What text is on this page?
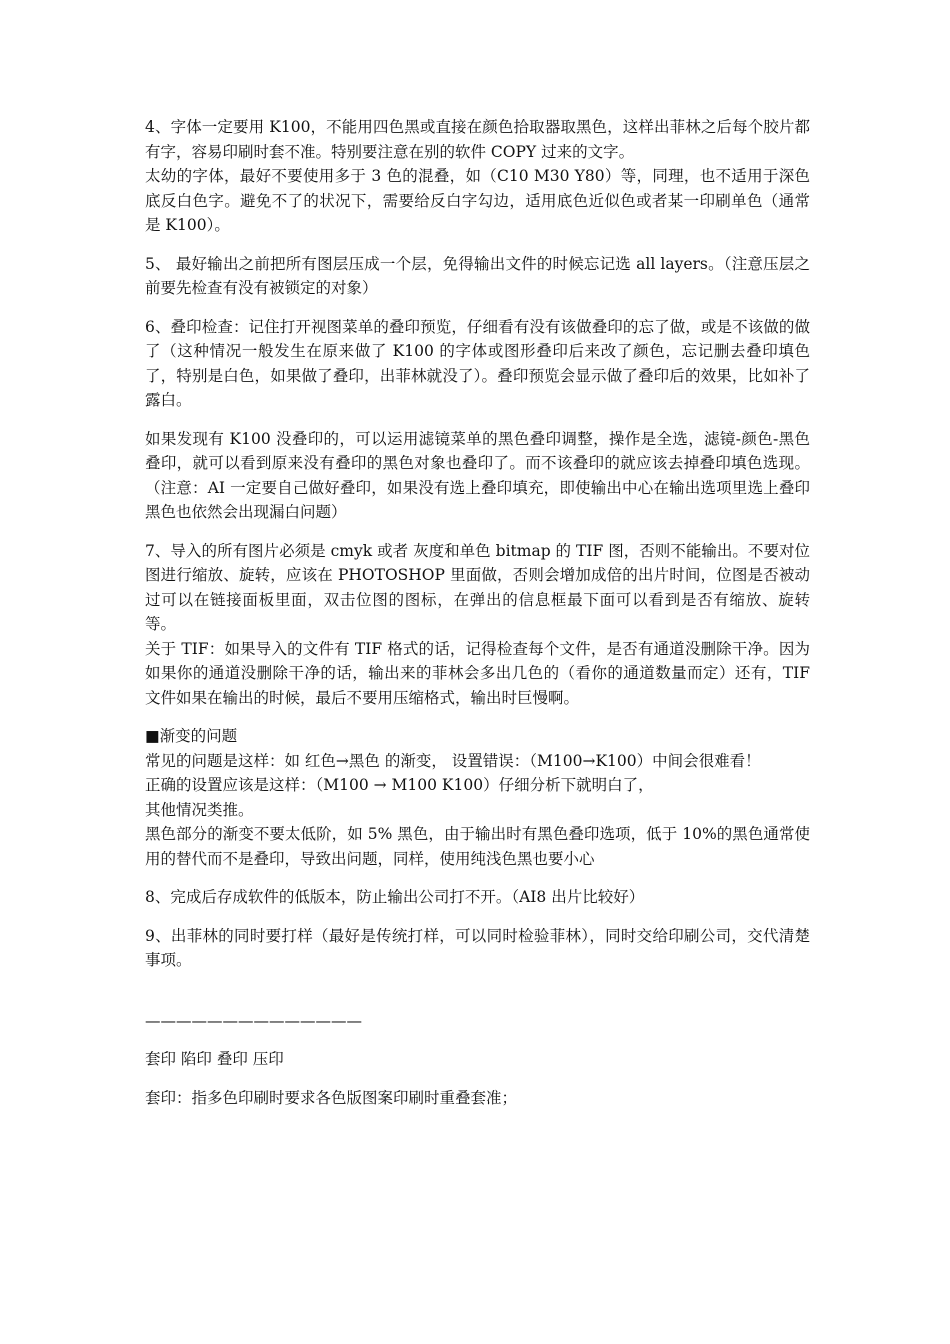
4、字体一定要用 K100，不能用四色黑或直接在颜色拾取器取黑色，这样出菲林之后每个胶片都有字，容易印刷时套不准。特别要注意在别的软件 COPY 过来的文字。

太幼的字体，最好不要使用多于 3 色的混叠，如（C10 M30 Y80）等，同理，也不适用于深色底反白色字。避免不了的状况下，需要给反白字勾边，适用底色近似色或者某一印刷单色（通常是 K100）。

5、 最好输出之前把所有图层压成一个层，免得输出文件的时候忘记选 all layers。（注意压层之前要先检查有没有被锁定的对象）

6、叠印检查：记住打开视图菜单的叠印预览，仔细看有没有该做叠印的忘了做，或是不该做的做了（这种情况一般发生在原来做了 K100 的字体或图形叠印后来改了颜色，忘记删去叠印填色了，特别是白色，如果做了叠印，出菲林就没了）。叠印预览会显示做了叠印后的效果，比如补了露白。

如果发现有 K100 没叠印的，可以运用滤镜菜单的黑色叠印调整，操作是全选，滤镜-颜色-黑色叠印，就可以看到原来没有叠印的黑色对象也叠印了。而不该叠印的就应该去掉叠印填色选现。（注意：AI 一定要自己做好叠印，如果没有选上叠印填充，即使输出中心在输出选项里选上叠印黑色也依然会出现漏白问题）

7、导入的所有图片必须是 cmyk 或者 灰度和单色 bitmap 的 TIF 图，否则不能输出。不要对位图进行缩放、旋转，应该在 PHOTOSHOP 里面做，否则会增加成倍的出片时间，位图是否被动过可以在链接面板里面，双击位图的图标，在弹出的信息框最下面可以看到是否有缩放、旋转等。

关于 TIF：如果导入的文件有 TIF 格式的话，记得检查每个文件，是否有通道没删除干净。因为如果你的通道没删除干净的话，输出来的菲林会多出几色的（看你的通道数量而定）还有，TIF 文件如果在输出的时候，最后不要用压缩格式，输出时巨慢啊。

■渐变的问题

常见的问题是这样：如 红色→黑色 的渐变， 设置错误：（M100→K100）中间会很难看！

正确的设置应该是这样：（M100 → M100 K100）仔细分析下就明白了，

其他情况类推。

黑色部分的渐变不要太低阶，如 5% 黑色，由于输出时有黑色叠印选项，低于 10%的黑色通常使用的替代而不是叠印，导致出问题，同样，使用纯浅色黑也要小心

8、完成后存成软件的低版本，防止输出公司打不开。（AI8 出片比较好）

9、出菲林的同时要打样（最好是传统打样，可以同时检验菲林），同时交给印刷公司，交代清楚事项。

——————————————

套印 陷印 叠印 压印

套印：指多色印刷时要求各色版图案印刷时重叠套准；
